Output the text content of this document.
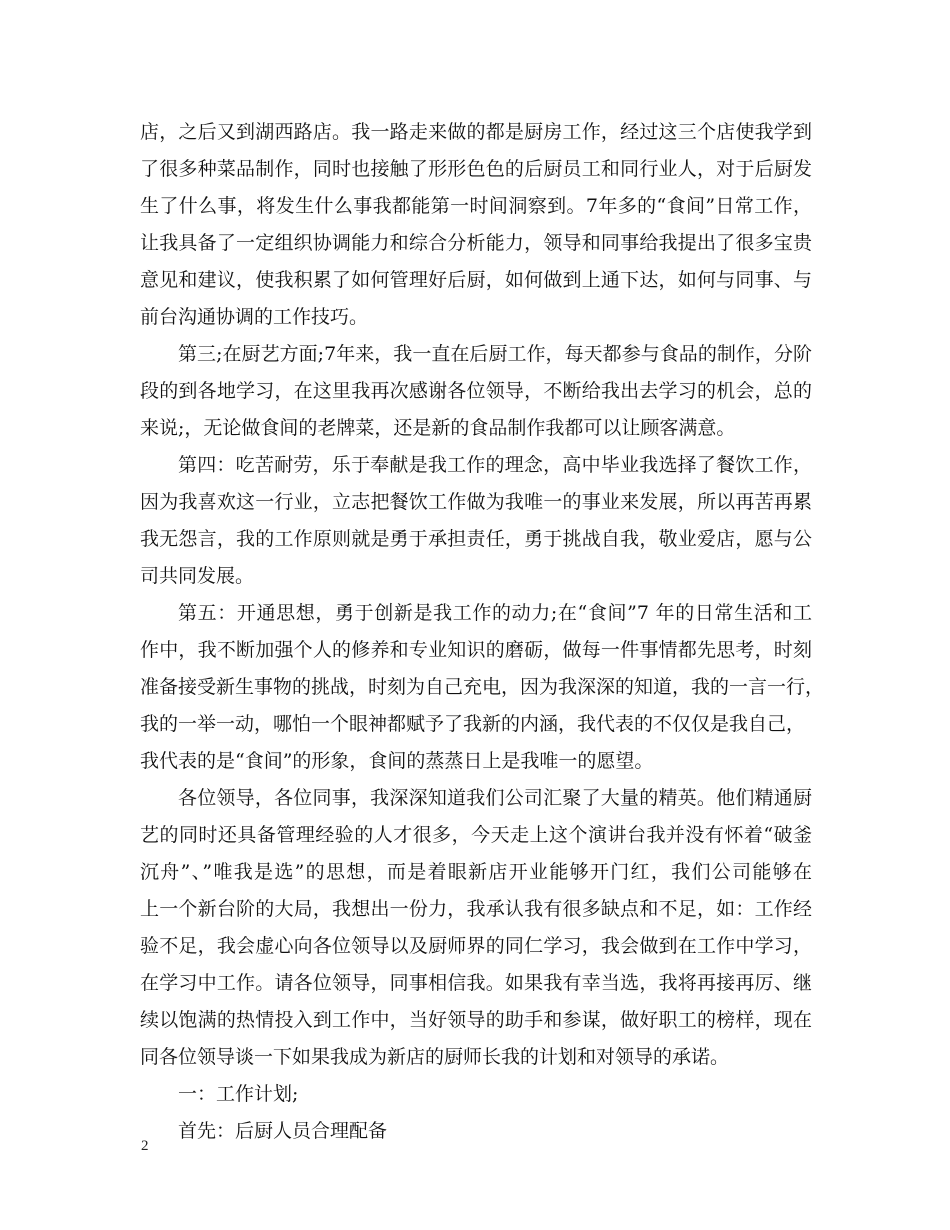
店，之后又到湖西路店。我一路走来做的都是厨房工作，经过这三个店使我学到
了很多种菜品制作，同时也接触了形形色色的后厨员工和同行业人，对于后厨发
生了什么事，将发生什么事我都能第一时间洞察到。7年多的“食间”日常工作，
让我具备了一定组织协调能力和综合分析能力，领导和同事给我提出了很多宝贵
意见和建议，使我积累了如何管理好后厨，如何做到上通下达，如何与同事、与
前台沟通协调的工作技巧。
第三;在厨艺方面;7年来，我一直在后厨工作，每天都参与食品的制作，分阶
段的到各地学习，在这里我再次感谢各位领导，不断给我出去学习的机会，总的
来说;，无论做食间的老牌菜，还是新的食品制作我都可以让顾客满意。
第四：吃苦耐劳，乐于奉献是我工作的理念，高中毕业我选择了餐饮工作，
因为我喜欢这一行业，立志把餐饮工作做为我唯一的事业来发展，所以再苦再累
我无怨言，我的工作原则就是勇于承担责任，勇于挑战自我，敬业爱店，愿与公
司共同发展。
第五：开通思想，勇于创新是我工作的动力;在“食间”7 年的日常生活和工
作中，我不断加强个人的修养和专业知识的磨砺，做每一件事情都先思考，时刻
准备接受新生事物的挑战，时刻为自己充电，因为我深深的知道，我的一言一行，
我的一举一动，哪怕一个眼神都赋予了我新的内涵，我代表的不仅仅是我自己，
我代表的是“食间”的形象，食间的蒸蒸日上是我唯一的愿望。
各位领导，各位同事，我深深知道我们公司汇聚了大量的精英。他们精通厨
艺的同时还具备管理经验的人才很多，今天走上这个演讲台我并没有怀着“破釜
沉舟”、”唯我是选”的思想，而是着眼新店开业能够开门红，我们公司能够在
上一个新台阶的大局，我想出一份力，我承认我有很多缺点和不足，如：工作经
验不足，我会虚心向各位领导以及厨师界的同仁学习，我会做到在工作中学习，
在学习中工作。请各位领导，同事相信我。如果我有幸当选，我将再接再厉、继
续以饱满的热情投入到工作中，当好领导的助手和参谋，做好职工的榜样，现在
同各位领导谈一下如果我成为新店的厨师长我的计划和对领导的承诺。
一：工作计划;
首先：后厨人员合理配备
2
